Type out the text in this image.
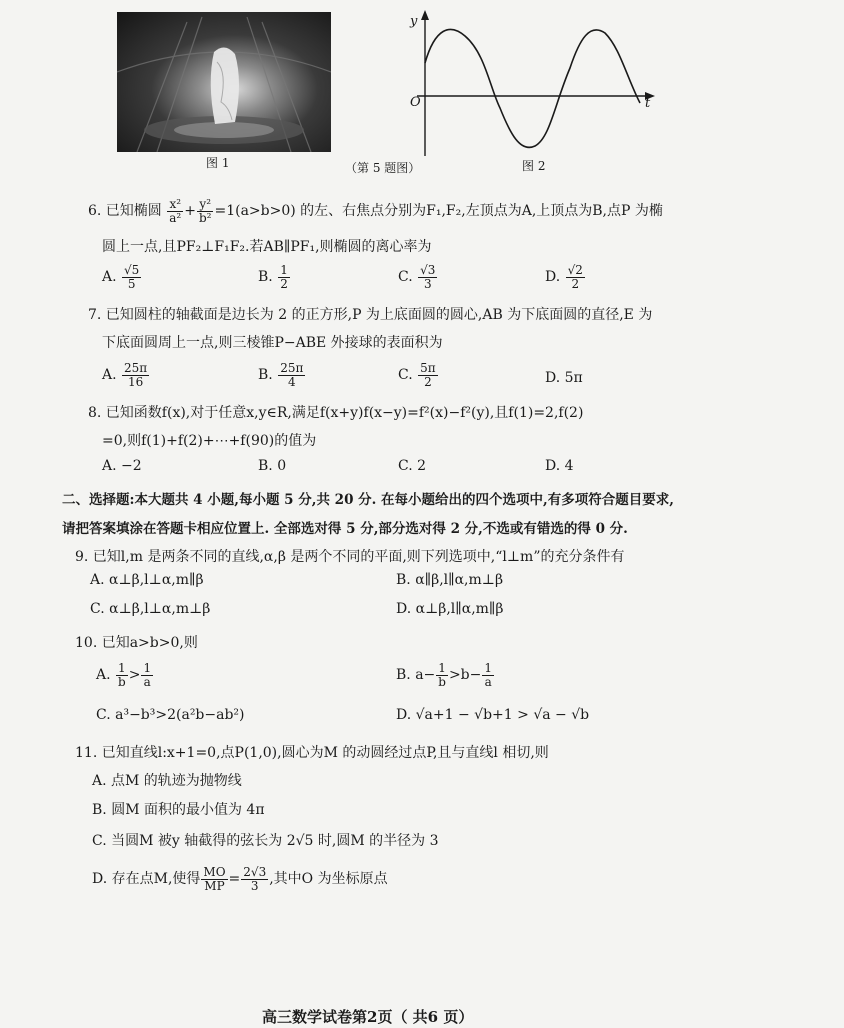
图 1	（第 5 题图）	图 2
y
t
O
6. 已知椭圆 $\frac{\text{x²}}{\text{a²}} + \frac{\text{y²}}{\text{b²}} =1(a>b>0)$ 的左、右焦点分别为F₁,F₂,左顶点为A,上顶点为B,点P 为椭
圆上一点,且PF₂⊥F₁F₂.若AB∥PF₁,则椭圆的离心率为
A. $\frac{√5}{5}$	B. $\frac{1}{2}$	C. $\frac{√3}{3}$	D. $\frac{√2}{2}$
7. 已知圆柱的轴截面是边长为 2 的正方形,P 为上底面圆的圆心,AB 为下底面圆的直径,E 为
下底面圆周上一点,则三棱锥P−ABE 外接球的表面积为
A. $\frac{25\pi}{16}$	B. $\frac{25\pi}{4}$	C. $\frac{5\pi}{2}$	D. 5π
8. 已知函数f(x),对于任意x,y∈R,满足f(x+y)f(x−y)=f²(x)−f²(y),且f(1)=2,f(2)
=0,则f(1)+f(2)+⋯+f(90)的值为
A. −2	B. 0	C. 2	D. 4
二、选择题:本大题共 4 小题,每小题 5 分,共 20 分. 在每小题给出的四个选项中,有多项符合题目要求,
请把答案填涂在答题卡相应位置上. 全部选对得 5 分,部分选对得 2 分,不选或有错选的得 0 分.
9. 已知l,m 是两条不同的直线,α,β 是两个不同的平面,则下列选项中,“l⊥m”的充分条件有
A. α⊥β,l⊥α,m∥β	B. α∥β,l∥α,m⊥β
C. α⊥β,l⊥α,m⊥β	D. α⊥β,l∥α,m∥β
10. 已知a>b>0,则
A. $\frac{1}{b} > \frac{1}{a}$	B. $a- \frac{1}{b} >b- \frac{1}{a}$
C. a³−b³>2(a²b−ab²)	D. √a+1 − √b+1 > √a − √b
11. 已知直线l:x+1=0,点P(1,0),圆心为M 的动圆经过点P,且与直线l 相切,则
A. 点M 的轨迹为抛物线
B. 圆M 面积的最小值为 4π
C. 当圆M 被y 轴截得的弦长为 2√5 时,圆M 的半径为 3
D. 存在点M,使得 $\frac{MO}{MP} = \frac{2√3}{3}$ ,其中O 为坐标原点
高三数学试卷第2页（ 共6 页）
